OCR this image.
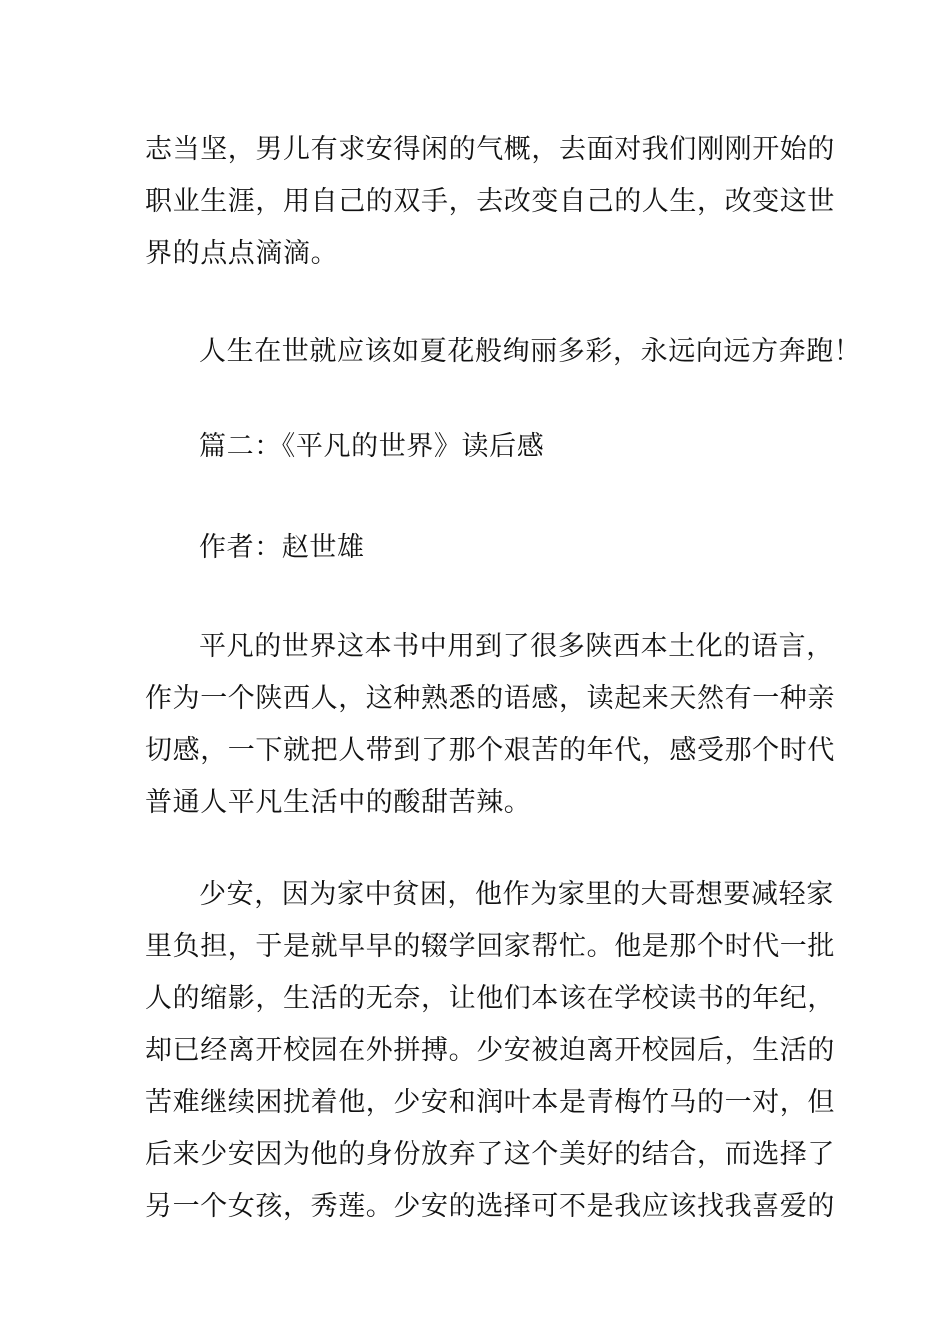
志当坚，男儿有求安得闲的气概，去面对我们刚刚开始的
职业生涯，用自己的双手，去改变自己的人生，改变这世
界的点点滴滴。
人生在世就应该如夏花般绚丽多彩，永远向远方奔跑！
篇二：《平凡的世界》读后感
作者：赵世雄
平凡的世界这本书中用到了很多陕西本土化的语言，
作为一个陕西人，这种熟悉的语感，读起来天然有一种亲
切感，一下就把人带到了那个艰苦的年代，感受那个时代
普通人平凡生活中的酸甜苦辣。
少安，因为家中贫困，他作为家里的大哥想要减轻家
里负担，于是就早早的辍学回家帮忙。他是那个时代一批
人的缩影，生活的无奈，让他们本该在学校读书的年纪，
却已经离开校园在外拼搏。少安被迫离开校园后，生活的
苦难继续困扰着他，少安和润叶本是青梅竹马的一对，但
后来少安因为他的身份放弃了这个美好的结合，而选择了
另一个女孩，秀莲。少安的选择可不是我应该找我喜爱的
